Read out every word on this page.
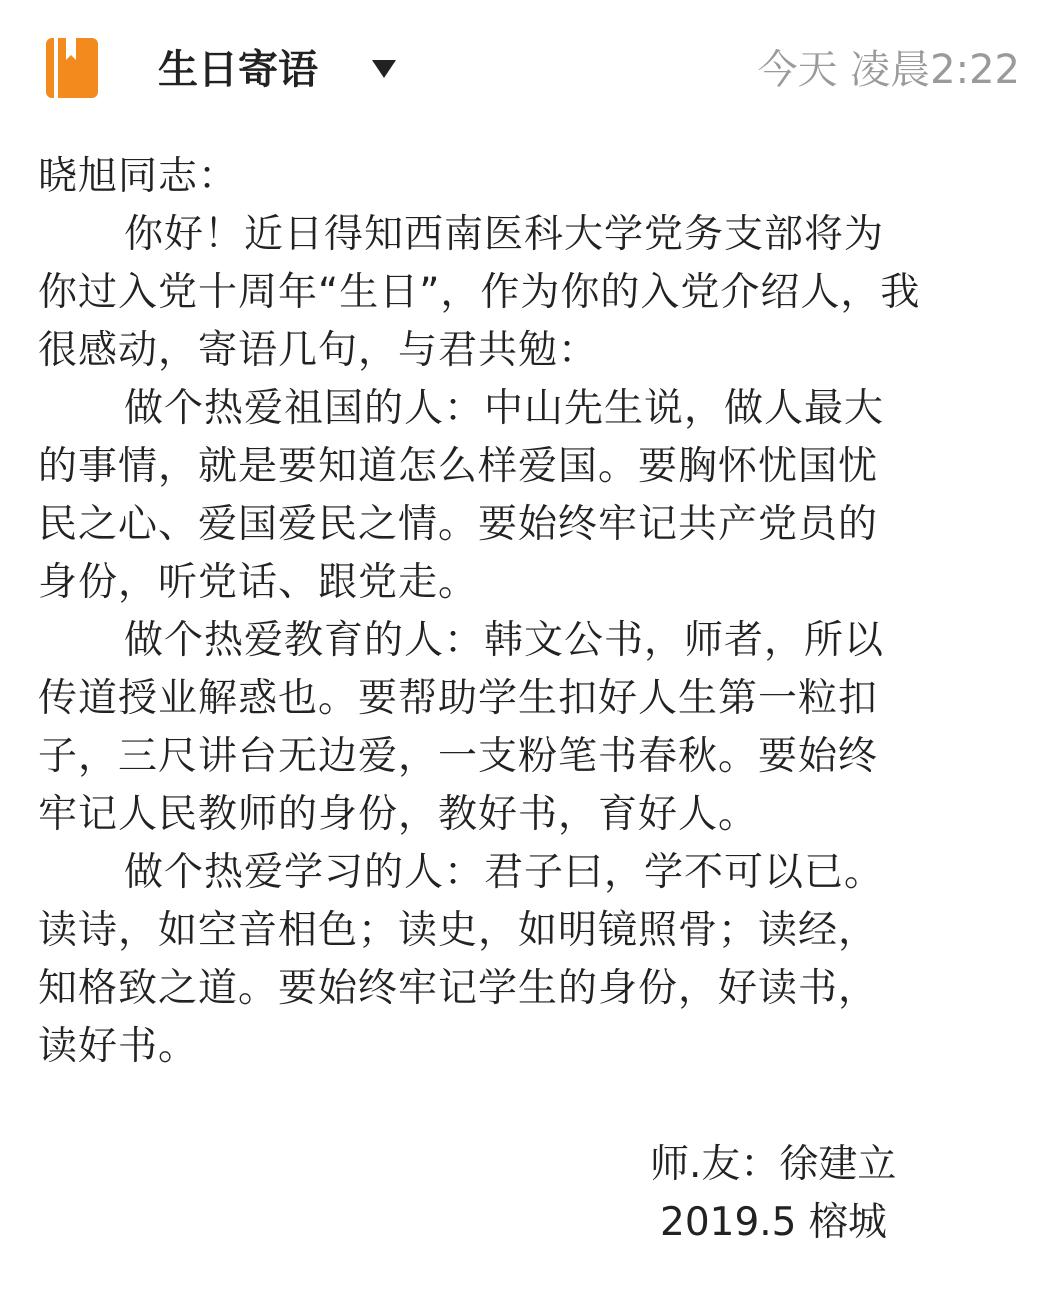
生日寄语	今天 凌晨2:22
晓旭同志：
你好！近日得知西南医科大学党务支部将为
你过入党十周年“生日”，作为你的入党介绍人，我
很感动，寄语几句，与君共勉：
做个热爱祖国的人：中山先生说，做人最大
的事情，就是要知道怎么样爱国。要胸怀忧国忧
民之心、爱国爱民之情。要始终牢记共产党员的
身份，听党话、跟党走。
做个热爱教育的人：韩文公书，师者，所以
传道授业解惑也。要帮助学生扣好人生第一粒扣
子，三尺讲台无边爱，一支粉笔书春秋。要始终
牢记人民教师的身份，教好书，育好人。
做个热爱学习的人：君子曰，学不可以已。
读诗，如空音相色；读史，如明镜照骨；读经，
知格致之道。要始终牢记学生的身份，好读书，
读好书。
师.友：徐建立
2019.5 榕城
